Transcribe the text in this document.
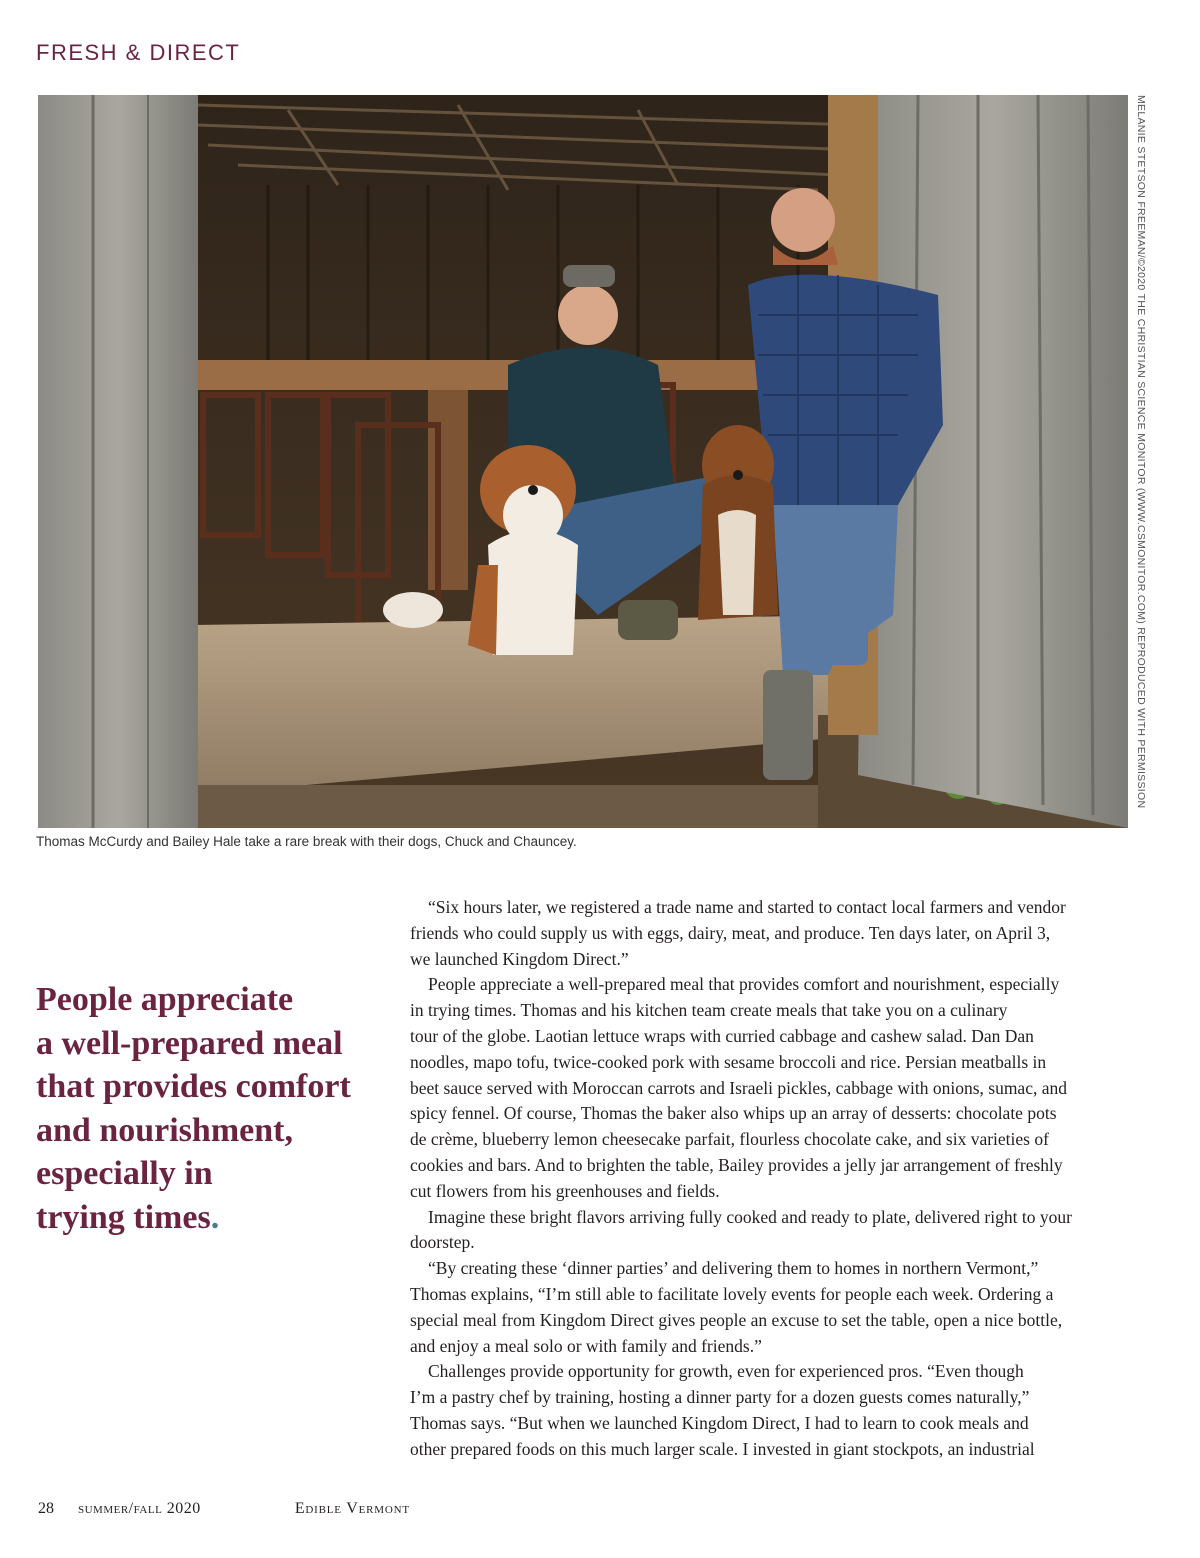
FRESH & DIRECT
MELANIE STETSON FREEMAN/©2020 THE CHRISTIAN SCIENCE MONITOR (WWW.CSMONITOR.COM) REPRODUCED WITH PERMISSION
Thomas McCurdy and Bailey Hale take a rare break with their dogs, Chuck and Chauncey.
People appreciate
a well-prepared meal
that provides comfort
and nourishment,
especially in
trying times.

“Six hours later, we registered a trade name and started to contact local farmers and vendor
friends who could supply us with eggs, dairy, meat, and produce. Ten days later, on April 3,
we launched Kingdom Direct.”

People appreciate a well-prepared meal that provides comfort and nourishment, especially
in trying times. Thomas and his kitchen team create meals that take you on a culinary
tour of the globe. Laotian lettuce wraps with curried cabbage and cashew salad. Dan Dan
noodles, mapo tofu, twice-cooked pork with sesame broccoli and rice. Persian meatballs in
beet sauce served with Moroccan carrots and Israeli pickles, cabbage with onions, sumac, and
spicy fennel. Of course, Thomas the baker also whips up an array of desserts: chocolate pots
de crème, blueberry lemon cheesecake parfait, flourless chocolate cake, and six varieties of
cookies and bars. And to brighten the table, Bailey provides a jelly jar arrangement of freshly
cut flowers from his greenhouses and fields.

Imagine these bright flavors arriving fully cooked and ready to plate, delivered right to your
doorstep.

“By creating these ‘dinner parties’ and delivering them to homes in northern Vermont,”
Thomas explains, “I’m still able to facilitate lovely events for people each week. Ordering a
special meal from Kingdom Direct gives people an excuse to set the table, open a nice bottle,
and enjoy a meal solo or with family and friends.”

Challenges provide opportunity for growth, even for experienced pros. “Even though
I’m a pastry chef by training, hosting a dinner party for a dozen guests comes naturally,”
Thomas says. “But when we launched Kingdom Direct, I had to learn to cook meals and
other prepared foods on this much larger scale. I invested in giant stockpots, an industrial

28 summer/fall 2020	Edible Vermont
